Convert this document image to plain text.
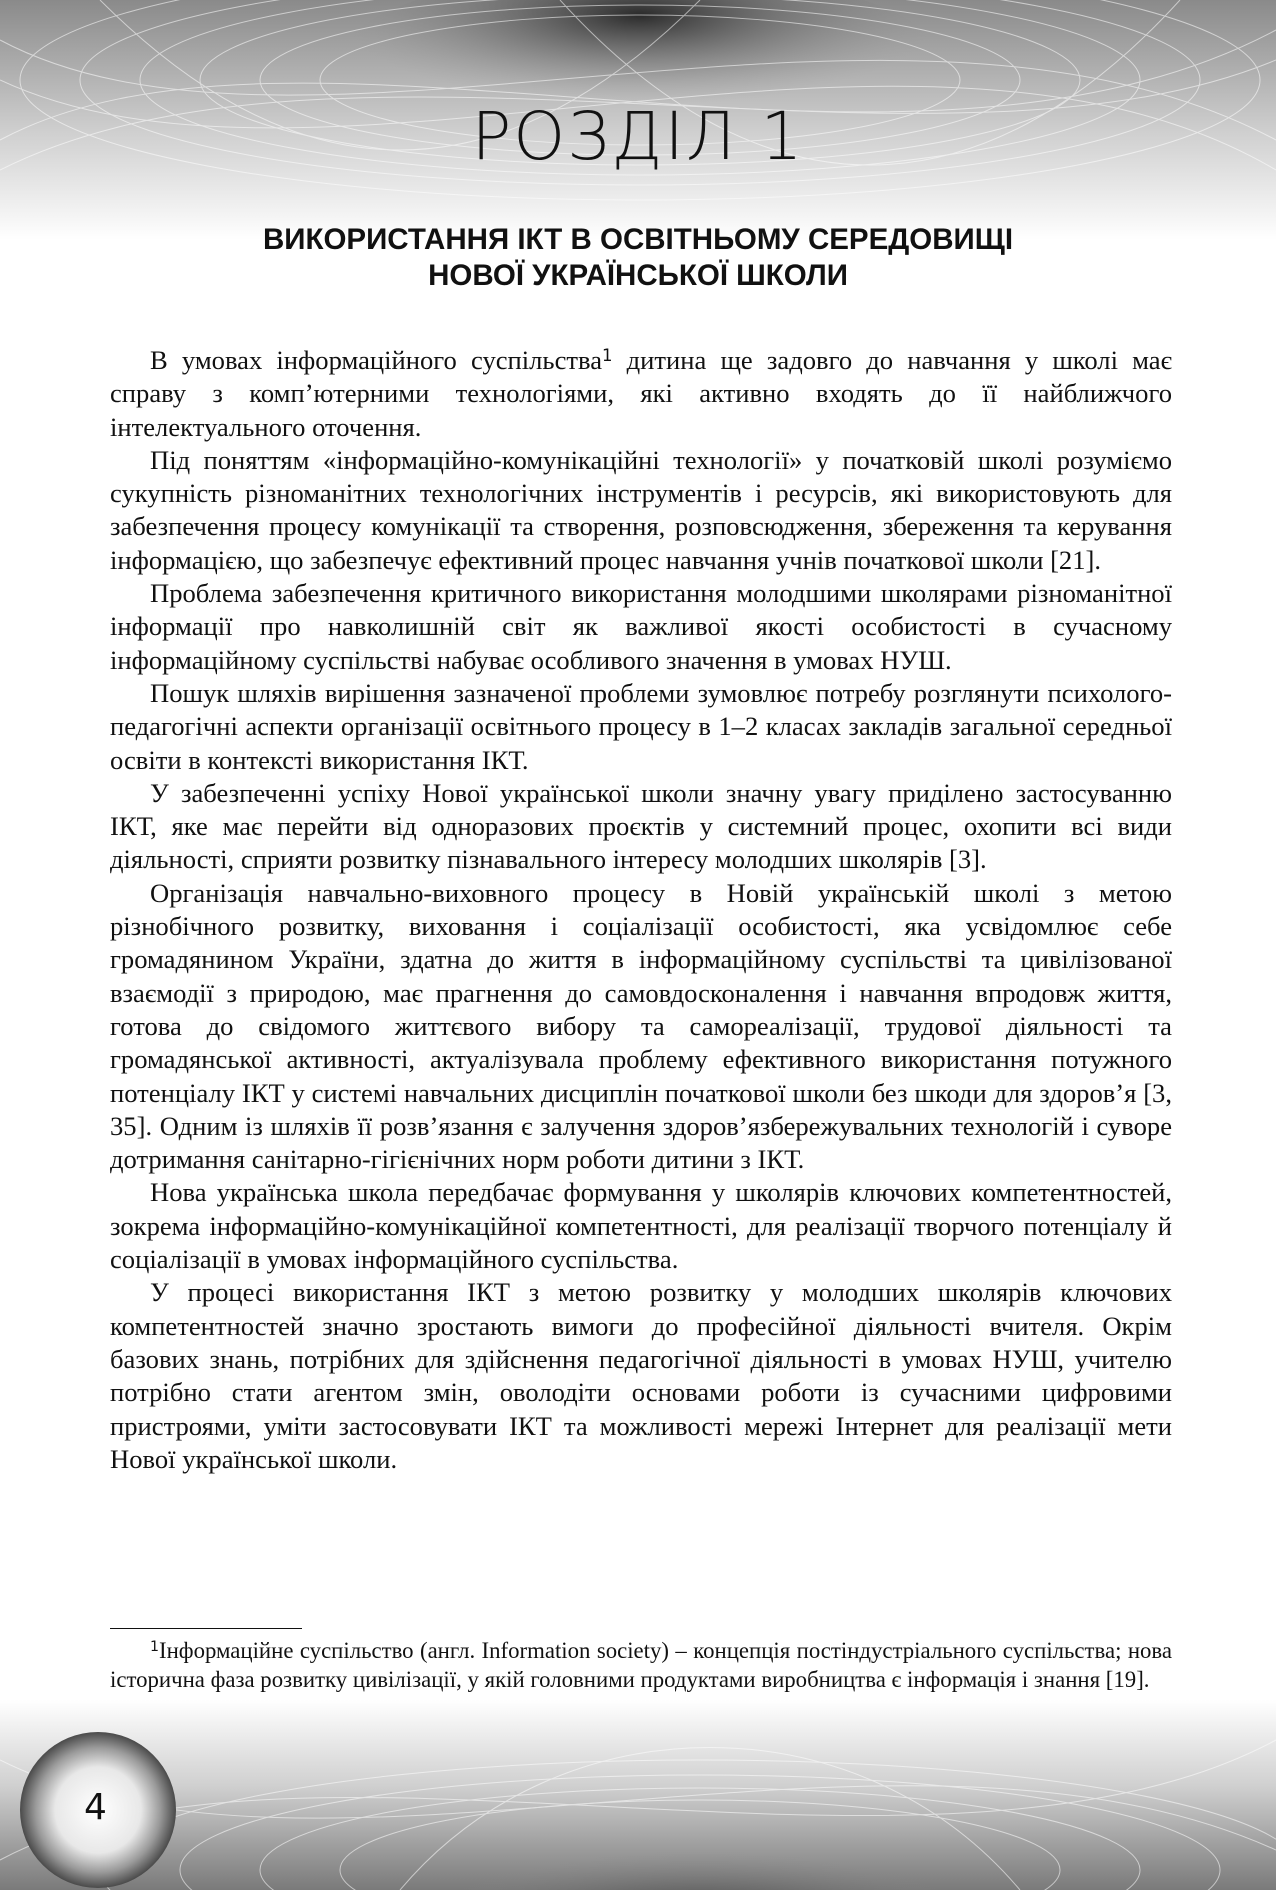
РОЗДІЛ 1
ВИКОРИСТАННЯ ІКТ В ОСВІТНЬОМУ СЕРЕДОВИЩІ
НОВОЇ УКРАЇНСЬКОЇ ШКОЛИ

В умовах інформаційного суспільства$^1$ дитина ще задовго до навчання у школі має справу з комп’ютерними технологіями, які активно входять до її найближчого інтелектуального оточення.

Під поняттям «інформаційно-комунікаційні технології» у початковій школі розуміємо сукупність різноманітних технологічних інструментів і ресурсів, які використовують для забезпечення процесу комунікації та створення, розповсюдження, збереження та керування інформацією, що забезпечує ефективний процес навчання учнів початкової школи [21].

Проблема забезпечення критичного використання молодшими школярами різноманітної інформації про навколишній світ як важливої якості особистості в сучасному інформаційному суспільстві набуває особливого значення в умовах НУШ.

Пошук шляхів вирішення зазначеної проблеми зумовлює потребу розглянути психолого-педагогічні аспекти організації освітнього процесу в 1–2 класах закладів загальної середньої освіти в контексті використання ІКТ.

У забезпеченні успіху Нової української школи значну увагу приділено застосуванню ІКТ, яке має перейти від одноразових проєктів у системний процес, охопити всі види діяльності, сприяти розвитку пізнавального інтересу молодших школярів [3].

Організація навчально-виховного процесу в Новій українській школі з метою різнобічного розвитку, виховання і соціалізації особистості, яка усвідомлює себе громадянином України, здатна до життя в інформаційному суспільстві та цивілізованої взаємодії з природою, має прагнення до самовдосконалення і навчання впродовж життя, готова до свідомого життєвого вибору та самореалізації, трудової діяльності та громадянської активності, актуалізувала проблему ефективного використання потужного потенціалу ІКТ у системі навчальних дисциплін початкової школи без шкоди для здоров’я [3, 35]. Одним із шляхів її розв’язання є залучення здоров’язбережувальних технологій і суворе дотримання санітарно-гігієнічних норм роботи дитини з ІКТ.

Нова українська школа передбачає формування у школярів ключових компетентностей, зокрема інформаційно-комунікаційної компетентності, для реалізації творчого потенціалу й соціалізації в умовах інформаційного суспільства.

У процесі використання ІКТ з метою розвитку у молодших школярів ключових компетентностей значно зростають вимоги до професійної діяльності вчителя. Окрім базових знань, потрібних для здійснення педагогічної діяльності в умовах НУШ, учителю потрібно стати агентом змін, оволодіти основами роботи із сучасними цифровими пристроями, уміти застосовувати ІКТ та можливості мережі Інтернет для реалізації мети Нової української школи.

$^1$Інформаційне суспільство (англ. Information society) – концепція постіндустріального суспільства; нова історична фаза розвитку цивілізації, у якій головними продуктами виробництва є інформація і знання [19].

4
